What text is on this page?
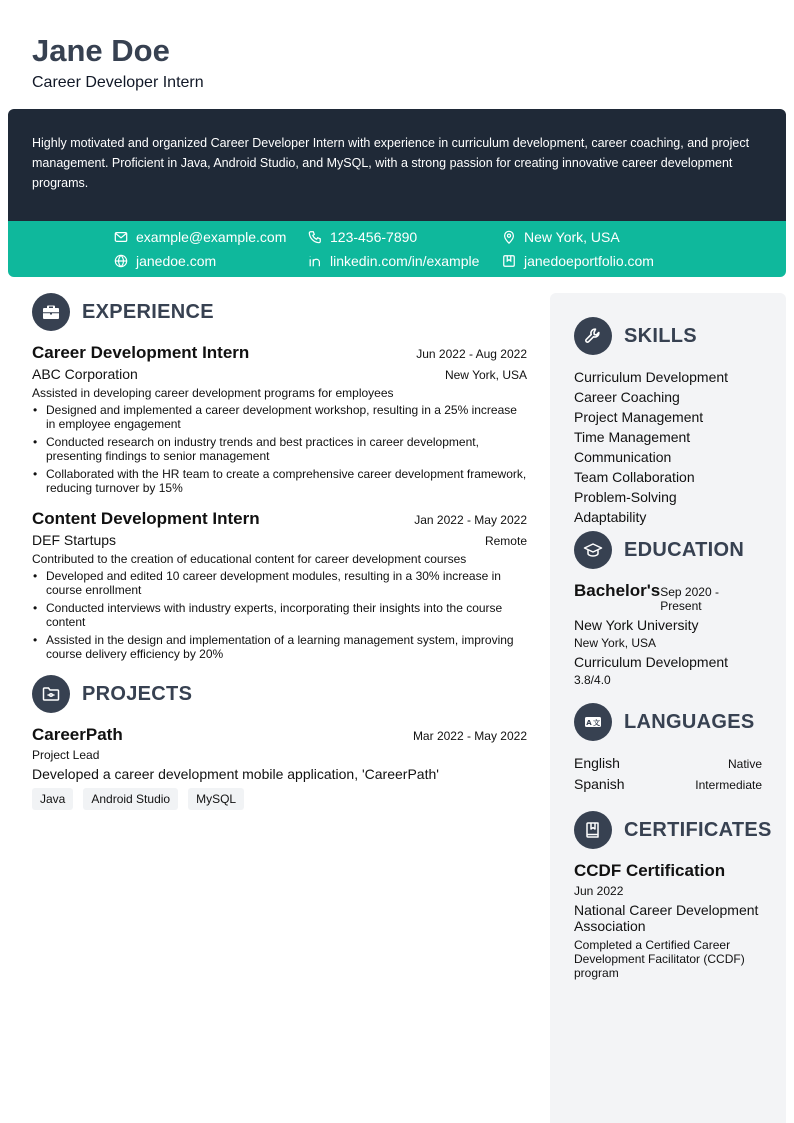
Jane Doe
Career Developer Intern

Highly motivated and organized Career Developer Intern with experience in curriculum development, career coaching, and project management. Proficient in Java, Android Studio, and MySQL, with a strong passion for creating innovative career development programs.

example@example.com	123-456-7890	New York, USA
janedoe.com	linkedin.com/in/example	janedoeportfolio.com
EXPERIENCE
Career Development Intern	Jun 2022 - Aug 2022
ABC Corporation	New York, USA
Assisted in developing career development programs for employees
• Designed and implemented a career development workshop, resulting in a 25% increase in employee engagement
• Conducted research on industry trends and best practices in career development, presenting findings to senior management
• Collaborated with the HR team to create a comprehensive career development framework, reducing turnover by 15%
Content Development Intern	Jan 2022 - May 2022
DEF Startups	Remote
Contributed to the creation of educational content for career development courses
• Developed and edited 10 career development modules, resulting in a 30% increase in course enrollment
• Conducted interviews with industry experts, incorporating their insights into the course content
• Assisted in the design and implementation of a learning management system, improving course delivery efficiency by 20%
PROJECTS
CareerPath	Mar 2022 - May 2022
Project Lead
Developed a career development mobile application, 'CareerPath'
Java	Android Studio	MySQL
SKILLS
Curriculum Development
Career Coaching
Project Management
Time Management
Communication
Team Collaboration
Problem-Solving
Adaptability
EDUCATION
Bachelor's Sep 2020 - Present
New York University
New York, USA
Curriculum Development
3.8/4.0
A 文 LANGUAGES
English	Native
Spanish	Intermediate
CERTIFICATES
CCDF Certification
Jun 2022
National Career Development Association
Completed a Certified Career Development Facilitator (CCDF) program
